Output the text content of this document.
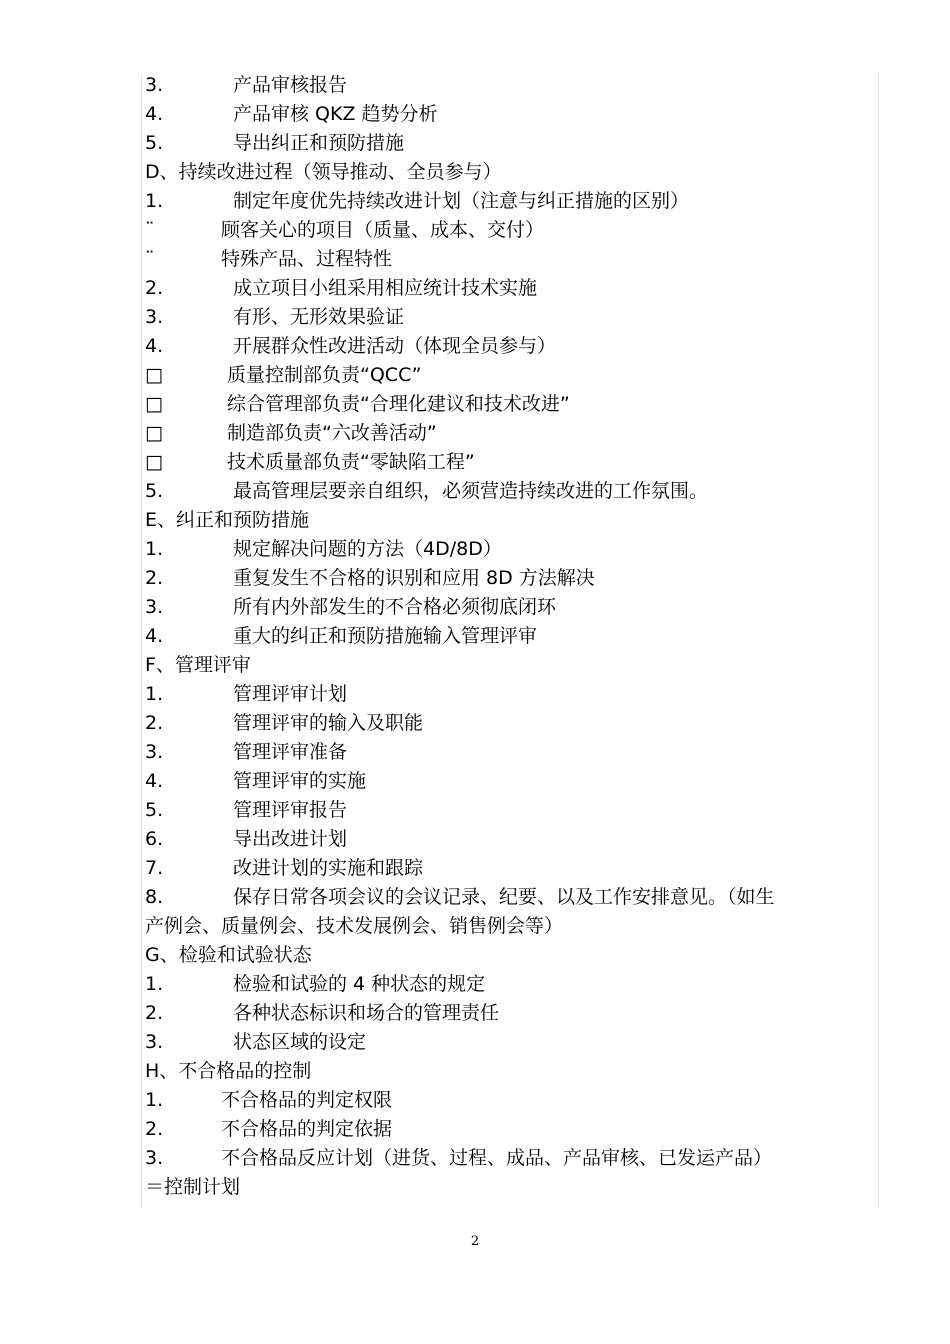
3.	产品审核报告
4.	产品审核 QKZ 趋势分析
5.	导出纠正和预防措施
D、持续改进过程（领导推动、全员参与）
1.	制定年度优先持续改进计划（注意与纠正措施的区别）
¨	顾客关心的项目（质量、成本、交付）
¨	特殊产品、过程特性
2.	成立项目小组采用相应统计技术实施
3.	有形、无形效果验证
4.	开展群众性改进活动（体现全员参与）
□	质量控制部负责“QCC”
□	综合管理部负责“合理化建议和技术改进”
□	制造部负责“六改善活动”
□	技术质量部负责“零缺陷工程”
5.	最高管理层要亲自组织，必须营造持续改进的工作氛围。
E、纠正和预防措施
1.	规定解决问题的方法（4D/8D）
2.	重复发生不合格的识别和应用 8D 方法解决
3.	所有内外部发生的不合格必须彻底闭环
4.	重大的纠正和预防措施输入管理评审
F、管理评审
1.	管理评审计划
2.	管理评审的输入及职能
3.	管理评审准备
4.	管理评审的实施
5.	管理评审报告
6.	导出改进计划
7.	改进计划的实施和跟踪
8.	保存日常各项会议的会议记录、纪要、以及工作安排意见。（如生
产例会、质量例会、技术发展例会、销售例会等）
G、检验和试验状态
1.	检验和试验的 4 种状态的规定
2.	各种状态标识和场合的管理责任
3.	状态区域的设定
H、不合格品的控制
1.	不合格品的判定权限
2.	不合格品的判定依据
3.	不合格品反应计划（进货、过程、成品、产品审核、已发运产品）
＝控制计划
2
